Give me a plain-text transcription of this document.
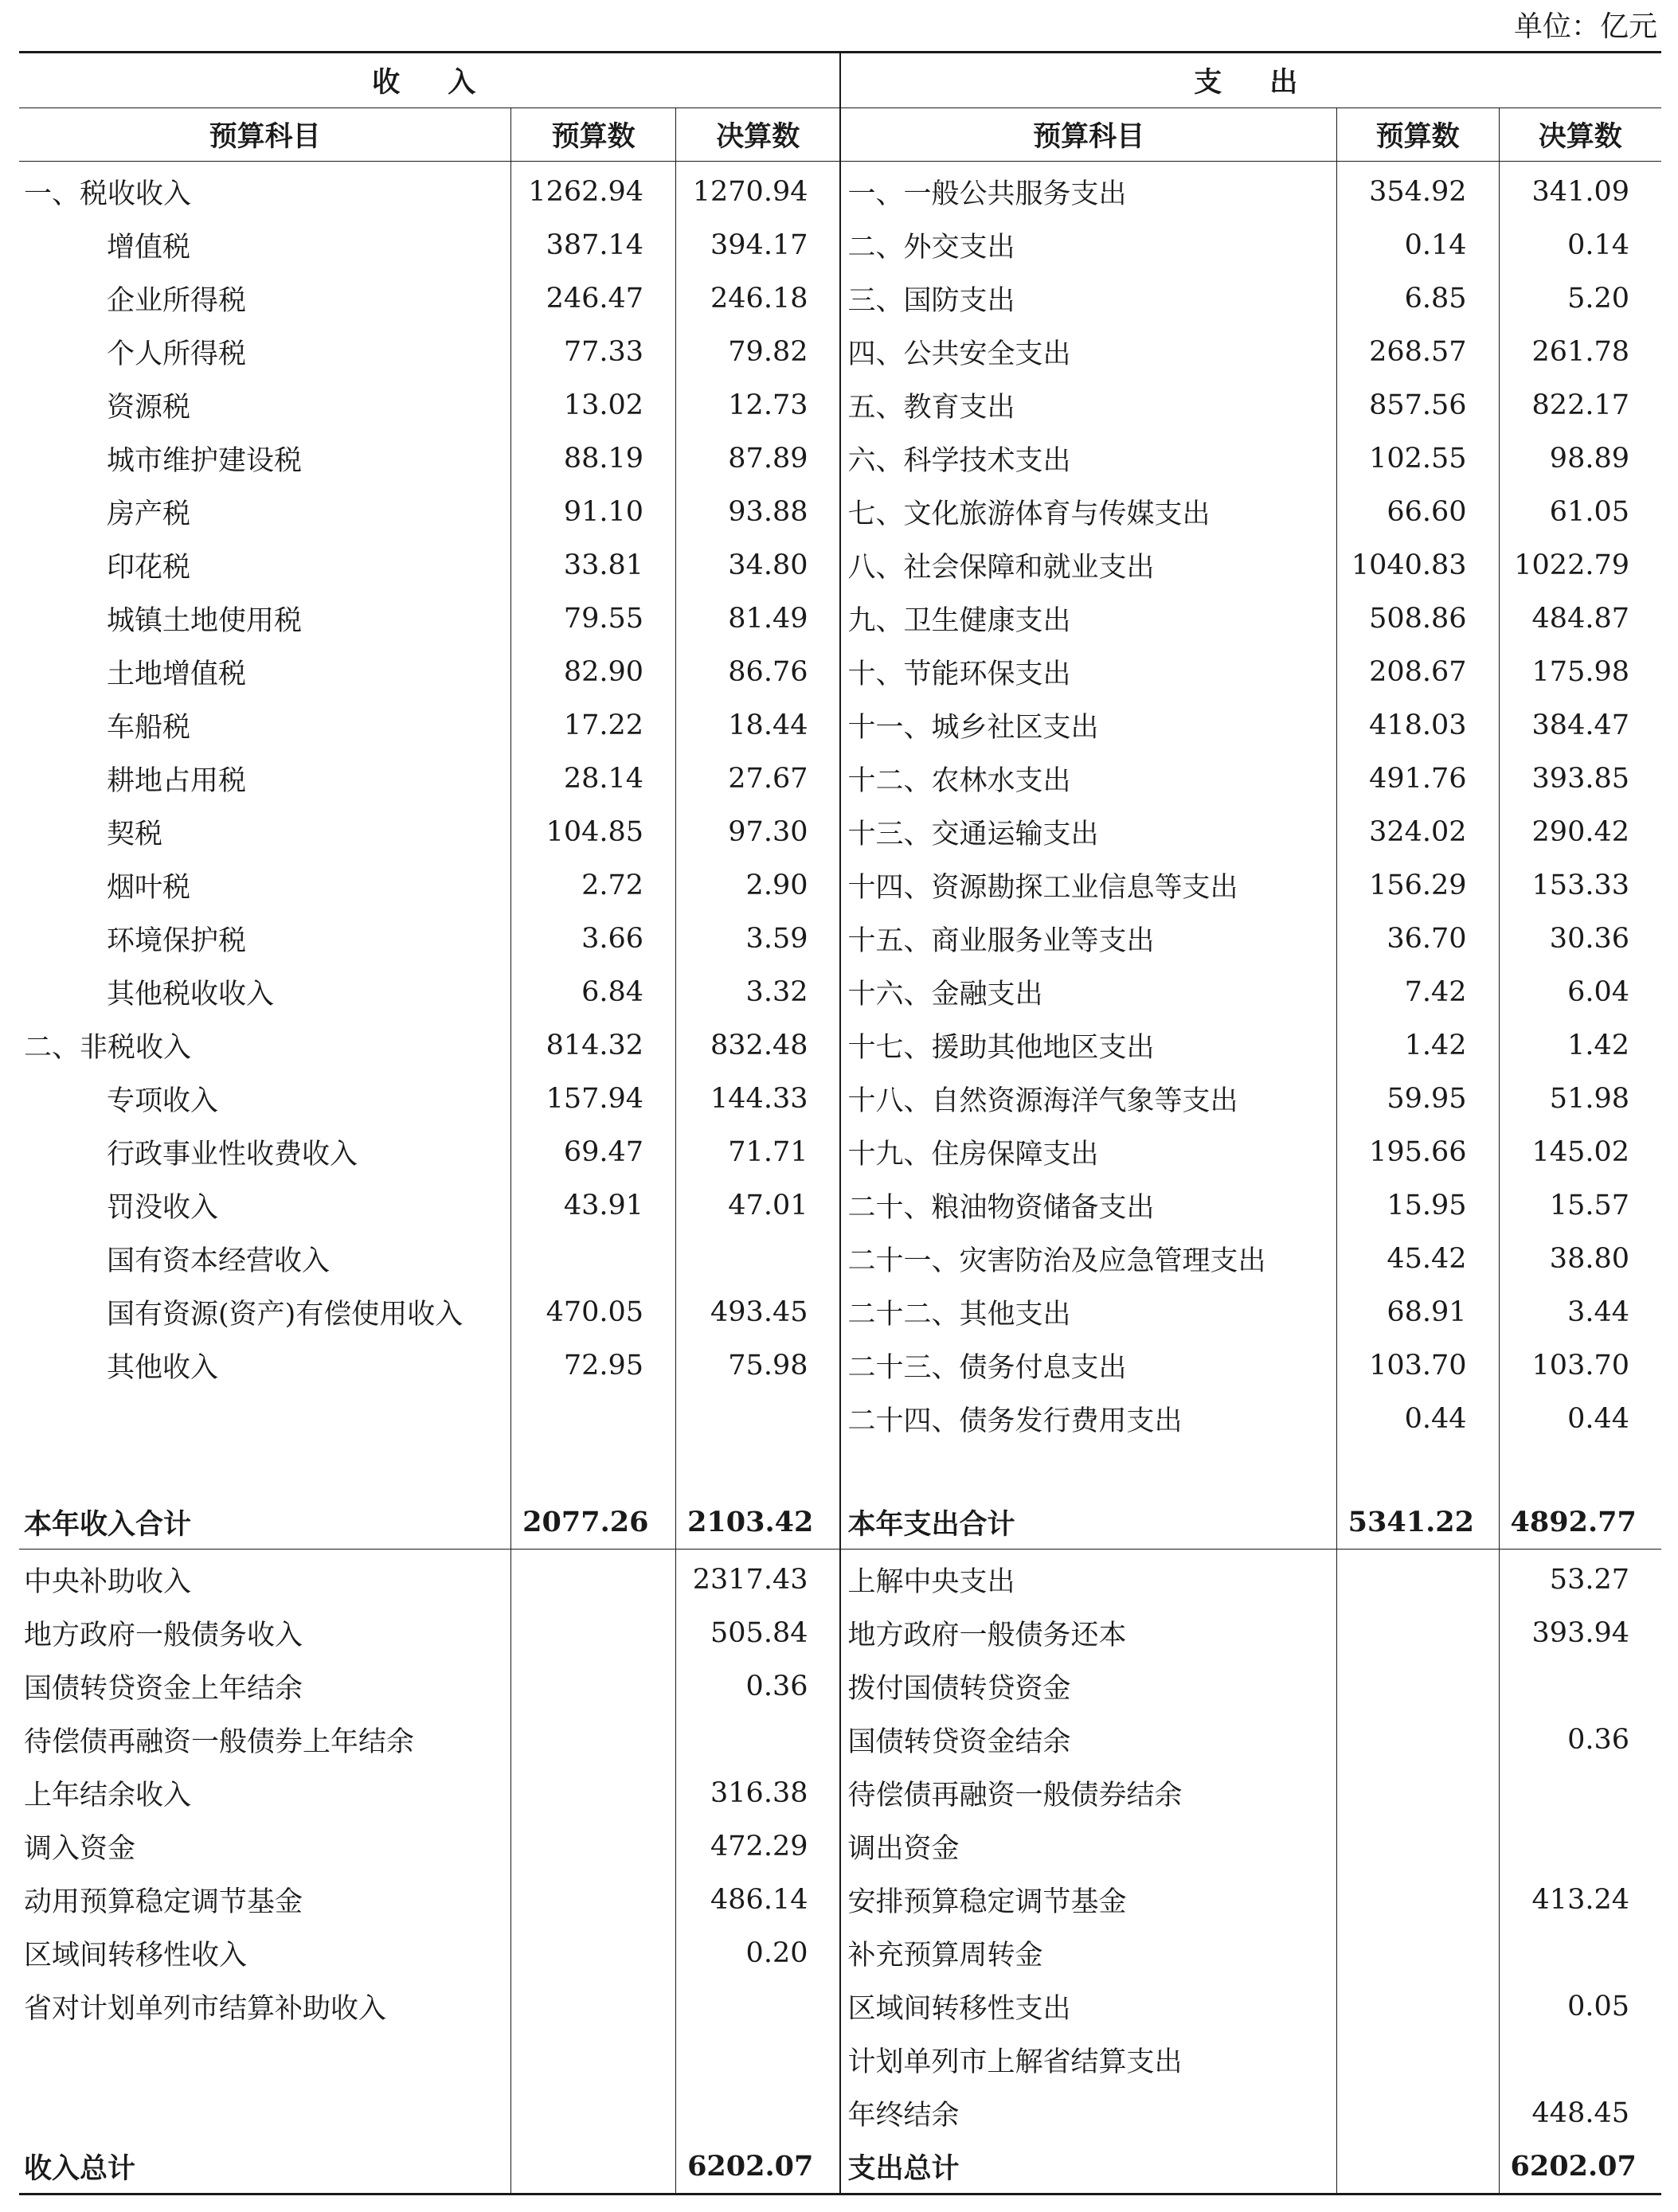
单位：亿元
收入			支出		
预算科目	预算数	决算数	预算科目	预算数	决算数
一、税收收入	1262.94	1270.94	一、一般公共服务支出	354.92	341.09
增值税	387.14	394.17	二、外交支出	0.14	0.14
企业所得税	246.47	246.18	三、国防支出	6.85	5.20
个人所得税	77.33	79.82	四、公共安全支出	268.57	261.78
资源税	13.02	12.73	五、教育支出	857.56	822.17
城市维护建设税	88.19	87.89	六、科学技术支出	102.55	98.89
房产税	91.10	93.88	七、文化旅游体育与传媒支出	66.60	61.05
印花税	33.81	34.80	八、社会保障和就业支出	1040.83	1022.79
城镇土地使用税	79.55	81.49	九、卫生健康支出	508.86	484.87
土地增值税	82.90	86.76	十、节能环保支出	208.67	175.98
车船税	17.22	18.44	十一、城乡社区支出	418.03	384.47
耕地占用税	28.14	27.67	十二、农林水支出	491.76	393.85
契税	104.85	97.30	十三、交通运输支出	324.02	290.42
烟叶税	2.72	2.90	十四、资源勘探工业信息等支出	156.29	153.33
环境保护税	3.66	3.59	十五、商业服务业等支出	36.70	30.36
其他税收收入	6.84	3.32	十六、金融支出	7.42	6.04
二、非税收入	814.32	832.48	十七、援助其他地区支出	1.42	1.42
专项收入	157.94	144.33	十八、自然资源海洋气象等支出	59.95	51.98
行政事业性收费收入	69.47	71.71	十九、住房保障支出	195.66	145.02
罚没收入	43.91	47.01	二十、粮油物资储备支出	15.95	15.57
国有资本经营收入			二十一、灾害防治及应急管理支出	45.42	38.80
国有资源(资产)有偿使用收入	470.05	493.45	二十二、其他支出	68.91	3.44
其他收入	72.95	75.98	二十三、债务付息支出	103.70	103.70
			二十四、债务发行费用支出	0.44	0.44

本年收入合计	2077.26	2103.42	本年支出合计	5341.22	4892.77
中央补助收入		2317.43	上解中央支出		53.27
地方政府一般债务收入		505.84	地方政府一般债务还本		393.94
国债转贷资金上年结余		0.36	拨付国债转贷资金		
待偿债再融资一般债券上年结余			国债转贷资金结余		0.36
上年结余收入		316.38	待偿债再融资一般债券结余		
调入资金		472.29	调出资金		
动用预算稳定调节基金		486.14	安排预算稳定调节基金		413.24
区域间转移性收入		0.20	补充预算周转金		
省对计划单列市结算补助收入			区域间转移性支出		0.05
			计划单列市上解省结算支出		
			年终结余		448.45
收入总计		6202.07	支出总计		6202.07
